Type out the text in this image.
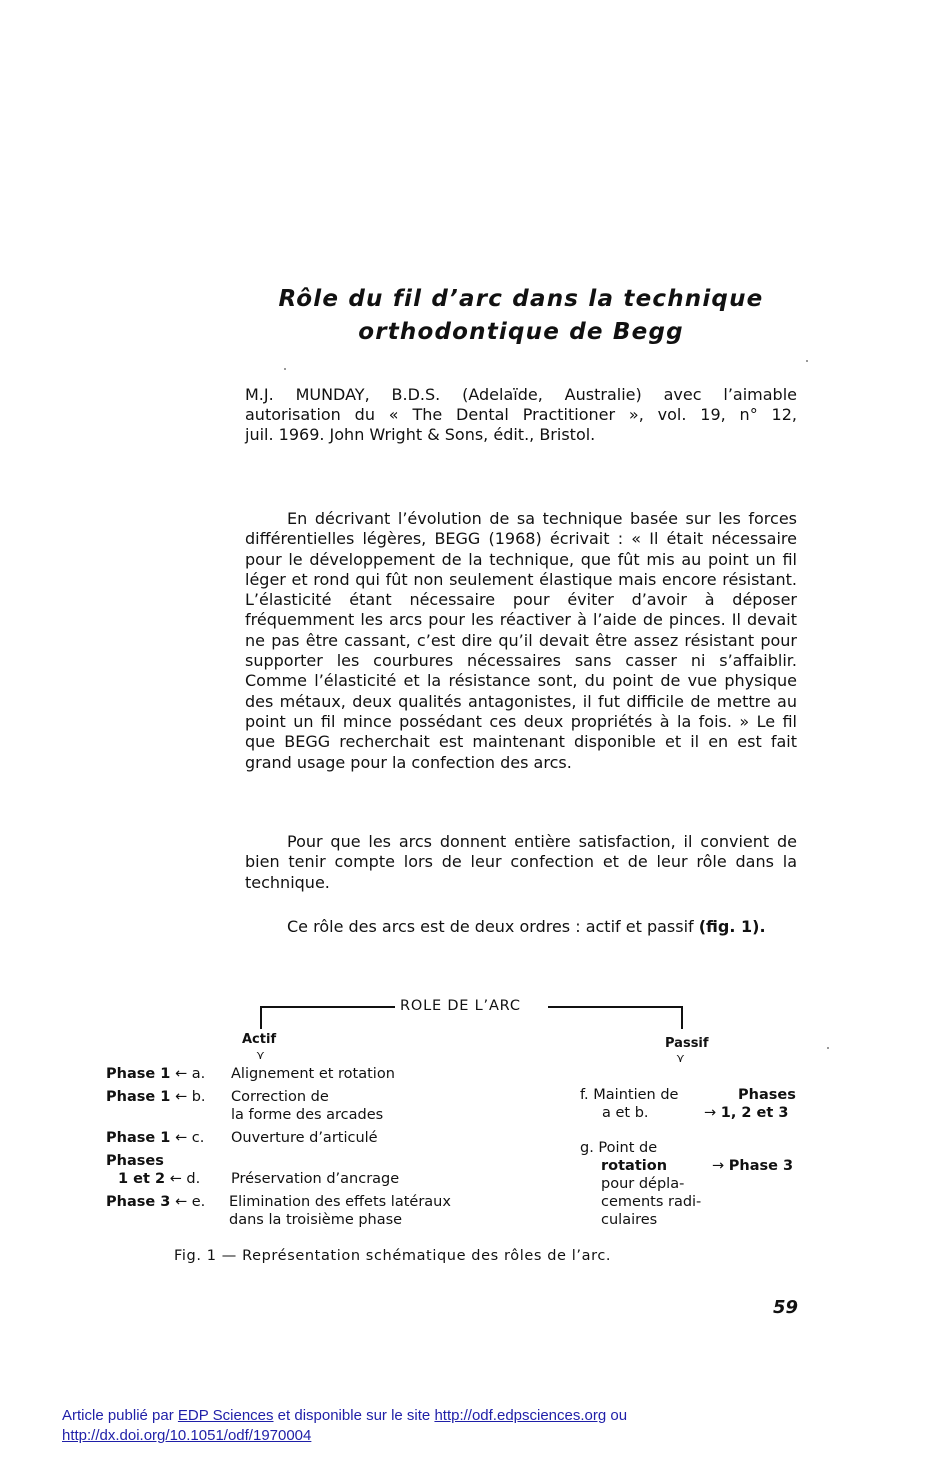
Rôle du fil d’arc dans la technique
orthodontique de Begg
M.J. MUNDAY, B.D.S. (Adelaïde, Australie) avec l’aimable
autorisation du « The Dental Practitioner », vol. 19, n° 12,
juil. 1969. John Wright & Sons, édit., Bristol.

En décrivant l’évolution de sa technique basée sur les forces différentielles légères, BEGG (1968) écrivait : « Il était nécessaire pour le développement de la technique, que fût mis au point un fil léger et rond qui fût non seulement élastique mais encore résistant. L’élasticité étant nécessaire pour éviter d’avoir à déposer fréquemment les arcs pour les réactiver à l’aide de pinces. Il devait ne pas être cassant, c’est dire qu’il devait être assez résistant pour supporter les courbures nécessaires sans casser ni s’affaiblir. Comme l’élasticité et la résistance sont, du point de vue physique des métaux, deux qualités antagonistes, il fut difficile de mettre au point un fil mince possédant ces deux propriétés à la fois. » Le fil que BEGG recherchait est maintenant disponible et il en est fait grand usage pour la confection des arcs.

Pour que les arcs donnent entière satisfaction, il convient de bien tenir compte lors de leur confection et de leur rôle dans la technique.

Ce rôle des arcs est de deux ordres : actif et passif (fig. 1).

ROLE DE L’ARC
Actif
⋎
Passif
⋎
Phase 1 ← a. Alignement et rotation
Phase 1 ← b. Correction de
la forme des arcades
Phase 1 ← c. Ouverture d’articulé
Phases
1 et 2 ← d. Préservation d’ancrage
Phase 3 ← e. Elimination des effets latéraux
dans la troisième phase
f. Maintien de
a et b.
Phases
→ 1, 2 et 3
g. Point de
rotation
pour dépla-
cements radi-
culaires
→ Phase 3
Fig. 1 — Représentation schématique des rôles de l’arc.
59
Article publié par EDP Sciences et disponible sur le site http://odf.edpsciences.org ou
http://dx.doi.org/10.1051/odf/1970004
